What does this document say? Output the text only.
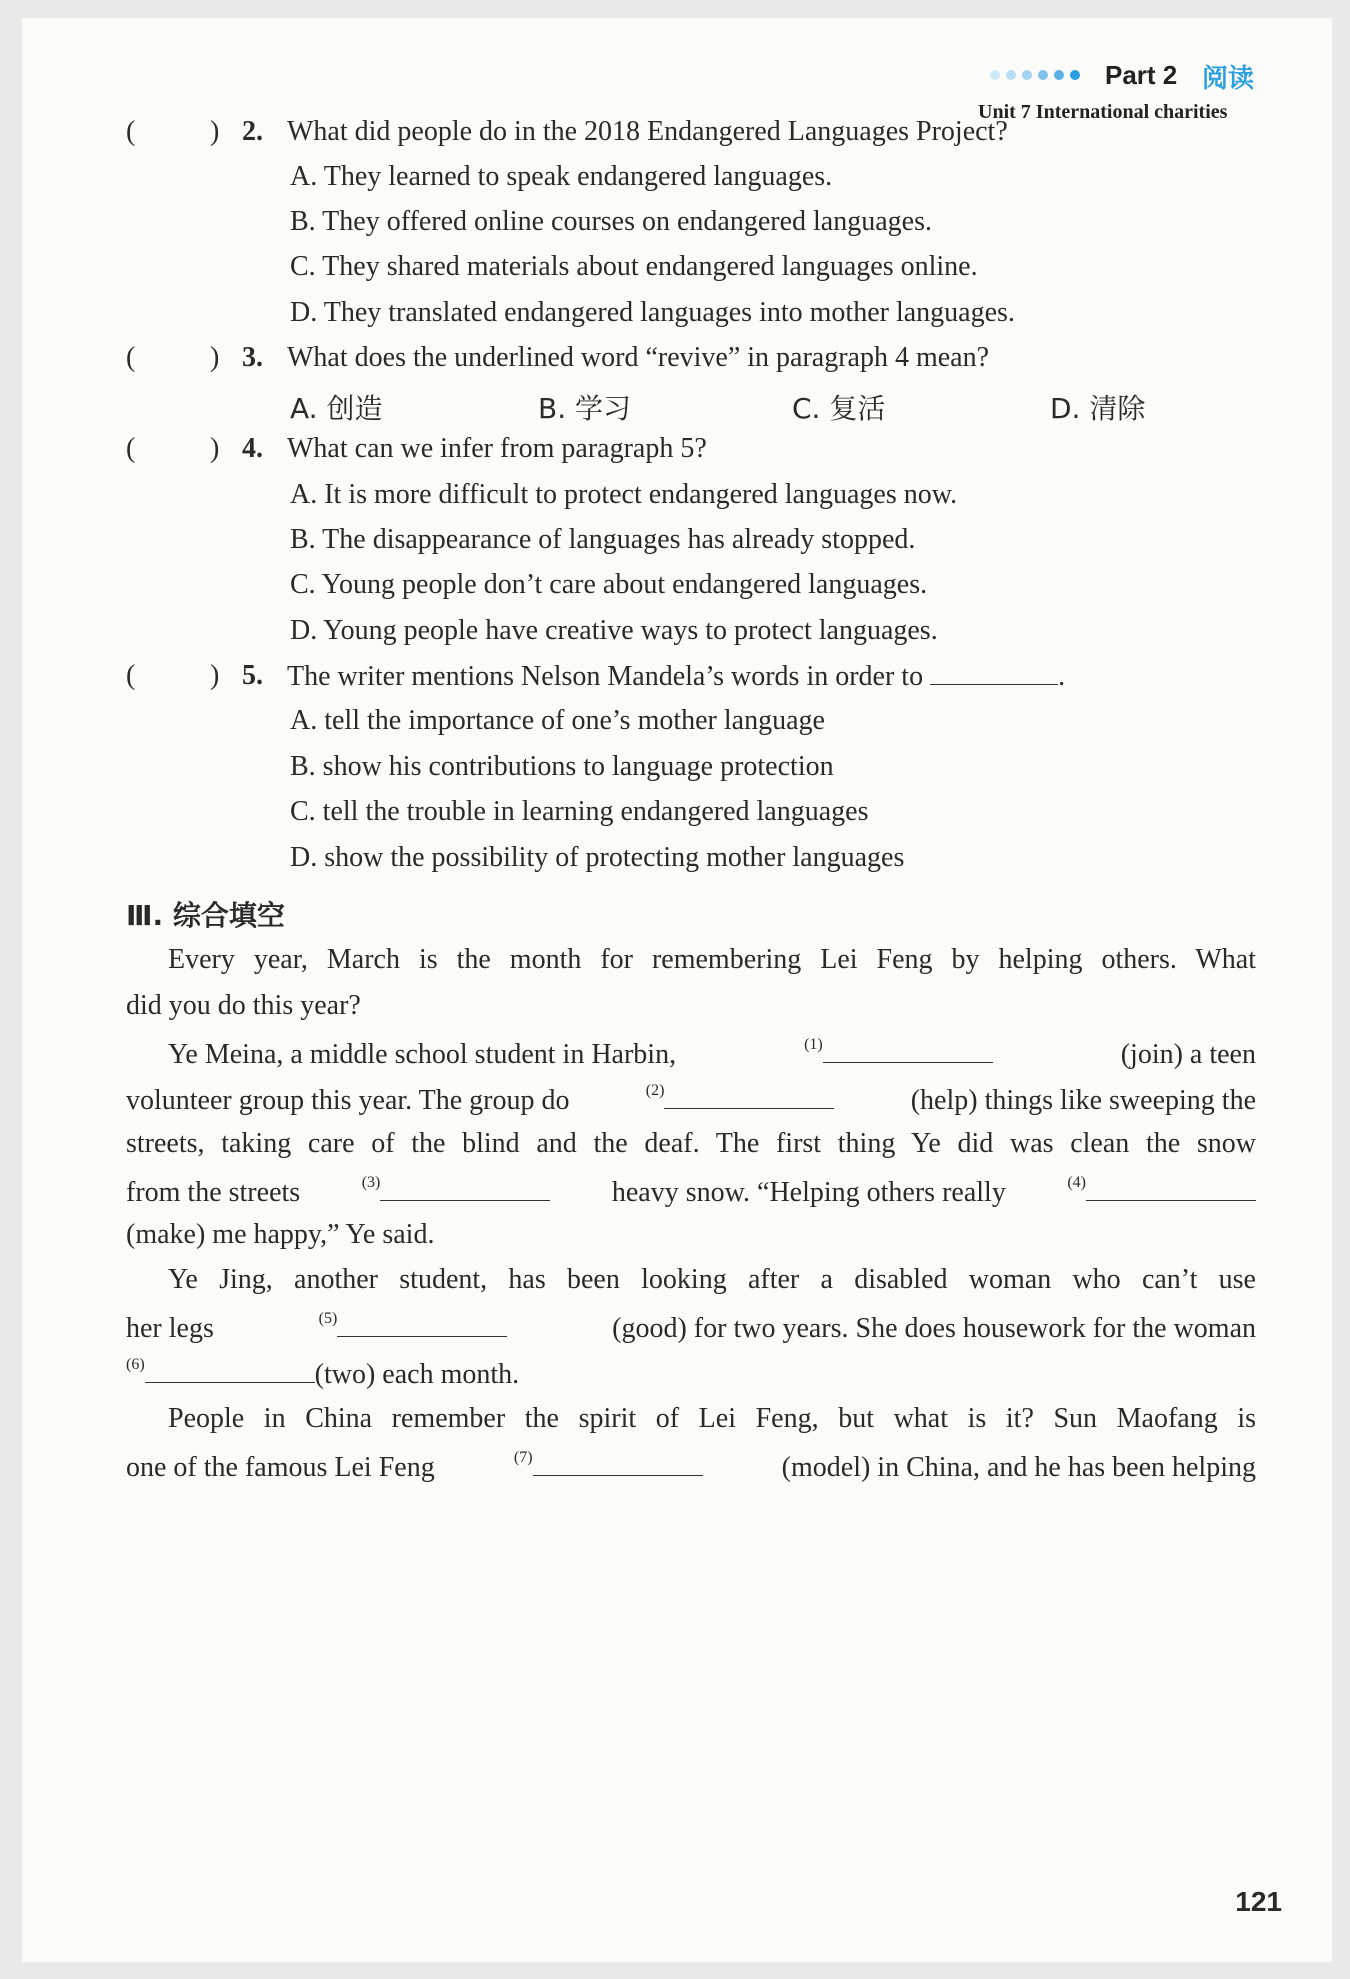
Part 2 阅读
Unit 7 International charities
(	) 2. What did people do in the 2018 Endangered Languages Project?
A. They learned to speak endangered languages.
B. They offered online courses on endangered languages.
C. They shared materials about endangered languages online.
D. They translated endangered languages into mother languages.
(	) 3. What does the underlined word “revive” in paragraph 4 mean?
A. 创造	B. 学习	C. 复活	D. 清除
(	) 4. What can we infer from paragraph 5?
A. It is more difficult to protect endangered languages now.
B. The disappearance of languages has already stopped.
C. Young people don’t care about endangered languages.
D. Young people have creative ways to protect languages.
(	) 5. The writer mentions Nelson Mandela’s words in order to	.
A. tell the importance of one’s mother language
B. show his contributions to language protection
C. tell the trouble in learning endangered languages
D. show the possibility of protecting mother languages
Ⅲ. 综合填空
Every year, March is the month for remembering Lei Feng by helping others. What
did you do this year?
Ye Meina, a middle school student in Harbin,	$^{(1)}$	(join) a teen
volunteer group this year. The group do	$^{(2)}$	(help) things like sweeping the
streets, taking care of the blind and the deaf. The first thing Ye did was clean the snow
from the streets	$^{(3)}$	heavy snow. “Helping others really	$^{(4)}$
(make) me happy,” Ye said.
Ye Jing, another student, has been looking after a disabled woman who can’t use
her legs	$^{(5)}$	(good) for two years. She does housework for the woman
$^{(6)}$	(two) each month.
People in China remember the spirit of Lei Feng, but what is it? Sun Maofang is
one of the famous Lei Feng	$^{(7)}$	(model) in China, and he has been helping
121
